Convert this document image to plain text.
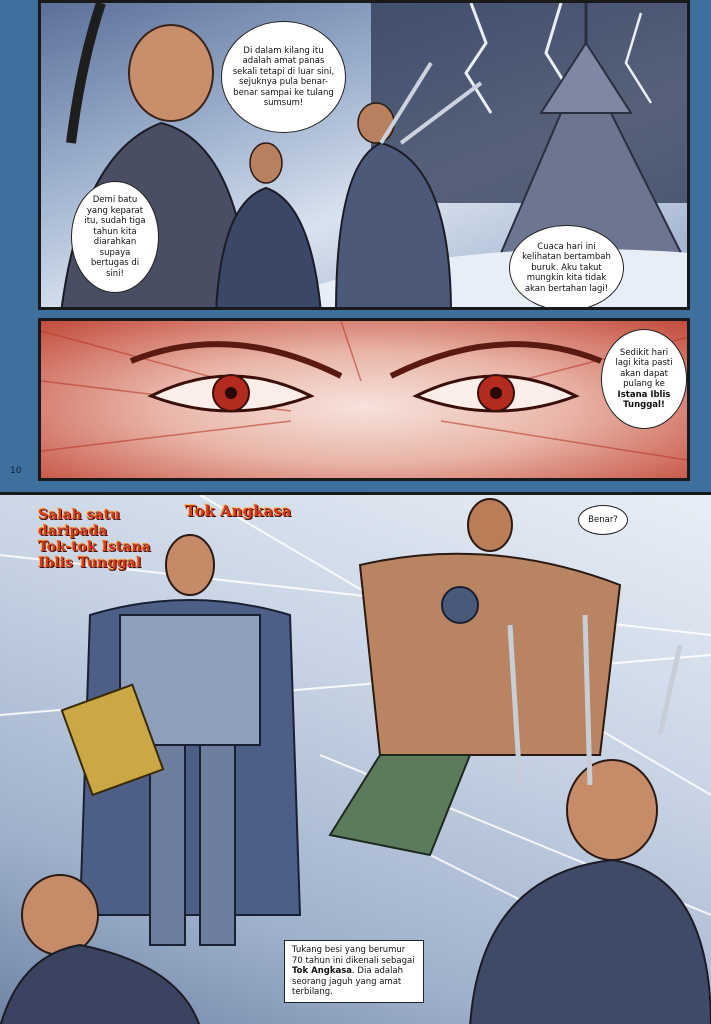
Di dalam kilang itu adalah amat panas sekali tetapi di luar sini, sejuknya pula benar-benar sampai ke tulang sumsum!
Demi batu yang keparat itu, sudah tiga tahun kita diarahkan supaya bertugas di sini!
Cuaca hari ini kelihatan bertambah buruk. Aku takut mungkin kita tidak akan bertahan lagi!
Sedikit hari lagi kita pasti akan dapat pulang ke Istana Iblis Tunggal!
10
Salah satu
daripada
Tok-tok Istana
Iblis Tunggal
Tok Angkasa	Benar?
Tukang besi yang berumur 70 tahun ini dikenali sebagai Tok Angkasa. Dia adalah seorang jaguh yang amat terbilang.
